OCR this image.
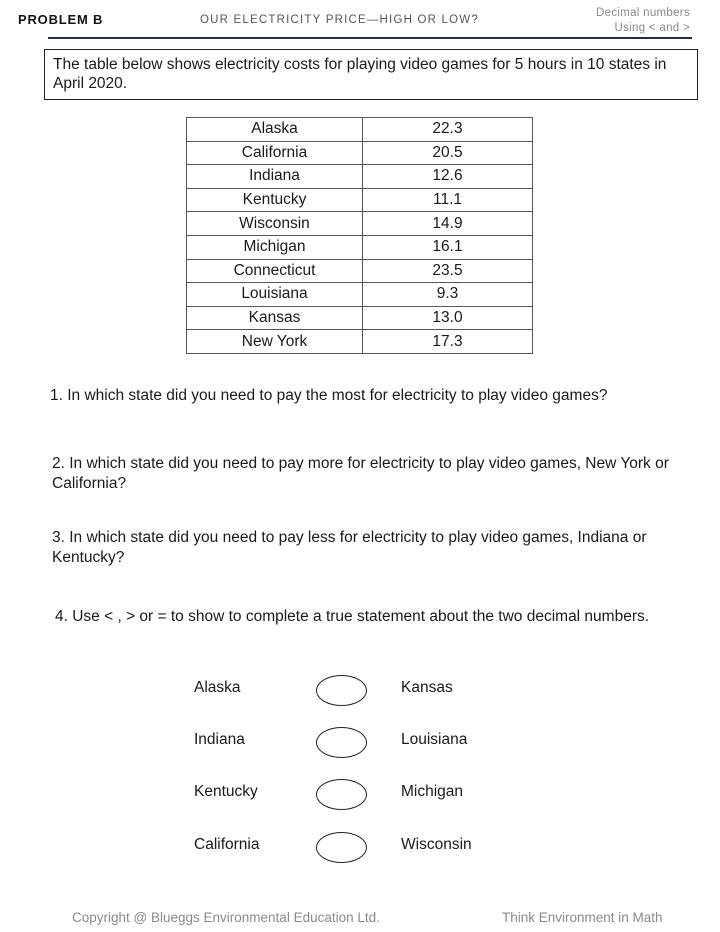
PROBLEM B	OUR ELECTRICITY PRICE—HIGH OR LOW?
Decimal numbers
Using < and >
The table below shows electricity costs for playing video games for 5 hours in 10 states in April 2020.
Alaska	22.3
California	20.5
Indiana	12.6
Kentucky	11.1
Wisconsin	14.9
Michigan	16.1
Connecticut	23.5
Louisiana	9.3
Kansas	13.0
New York	17.3
1. In which state did you need to pay the most for electricity to play video games?
2. In which state did you need to pay more for electricity to play video games, New York or California?
3. In which state did you need to pay less for electricity to play video games, Indiana or Kentucky?
4. Use < , > or = to show to complete a true statement about the two decimal numbers.
Alaska	Kansas
Indiana	Louisiana
Kentucky	Michigan
California	Wisconsin
Copyright @ Blueggs Environmental Education Ltd.	Think Environment in Math
